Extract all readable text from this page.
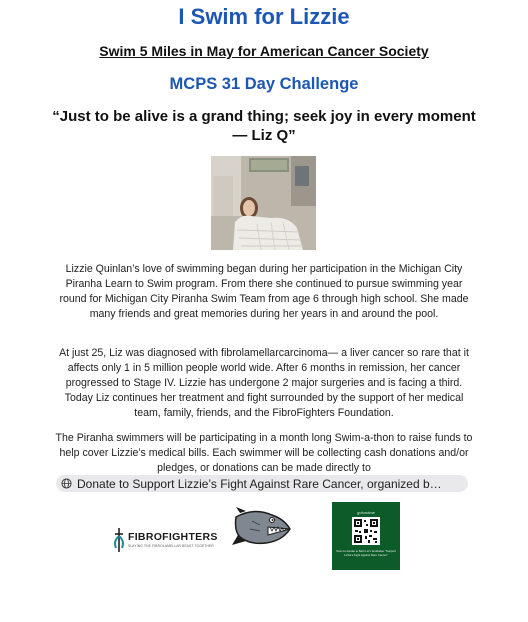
I Swim for Lizzie
Swim 5 Miles in May for American Cancer Society
MCPS 31 Day Challenge
“Just to be alive is a grand thing; seek joy in every moment — Liz Q”
Lizzie Quinlan’s love of swimming began during her participation in the Michigan City Piranha Learn to Swim program. From there she continued to pursue swimming year round for Michigan City Piranha Swim Team from age 6 through high school. She made many friends and great memories during her years in and around the pool.
At just 25, Liz was diagnosed with fibrolamellarcarcinoma— a liver cancer so rare that it affects only 1 in 5 million people world wide. After 6 months in remission, her cancer progressed to Stage IV. Lizzie has undergone 2 major surgeries and is facing a third. Today Liz continues her treatment and fight surrounded by the support of her medical team, family, friends, and the FibroFighters Foundation.
The Piranha swimmers will be participating in a month long Swim-a-thon to raise funds to help cover Lizzie’s medical bills. Each swimmer will be collecting cash donations and/or pledges, or donations can be made directly to
Donate to Support Lizzie’s Fight Against Rare Cancer, organized b…
FIBROFIGHTERS
SLAYING THE FIBROLAMELLAR BEAST TOGETHER
gofundme
Scan to donate to Beth Lin's fundraiser "Support Lizzie's Fight Against Rare Cancer"
